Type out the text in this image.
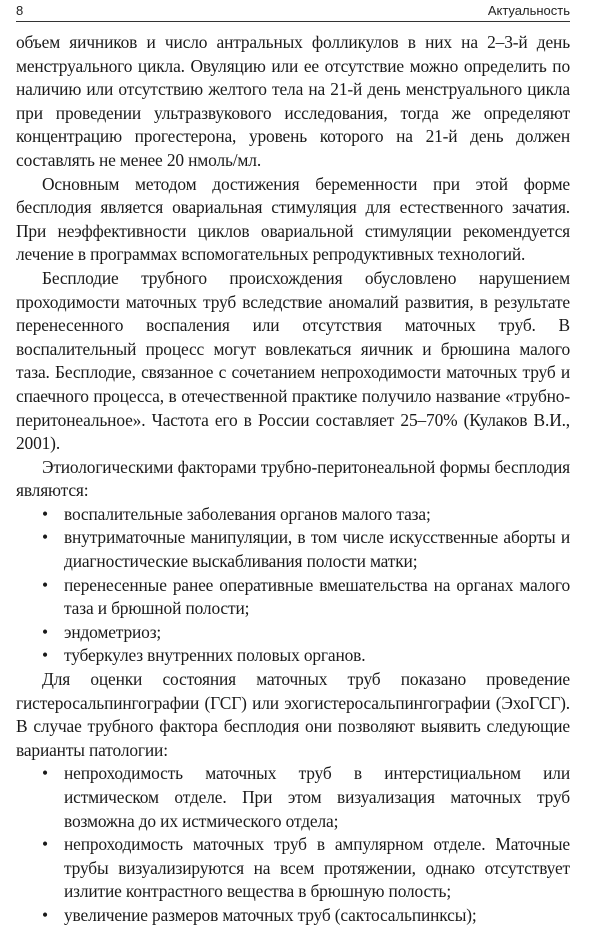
8	Актуальность

объем яичников и число антральных фолликулов в них на 2–3-й день менструального цикла. Овуляцию или ее отсутствие можно определить по наличию или отсутствию желтого тела на 21-й день менструального цикла при проведении ультразвукового исследования, тогда же определяют концентрацию прогестерона, уровень которого на 21-й день должен составлять не менее 20 нмоль/мл.

Основным методом достижения беременности при этой форме бесплодия является овариальная стимуляция для естественного зачатия. При неэффективности циклов овариальной стимуляции рекомендуется лечение в программах вспомогательных репродуктивных технологий.

Бесплодие трубного происхождения обусловлено нарушением проходимости маточных труб вследствие аномалий развития, в результате перенесенного воспаления или отсутствия маточных труб. В воспалительный процесс могут вовлекаться яичник и брюшина малого таза. Бесплодие, связанное с сочетанием непроходимости маточных труб и спаечного процесса, в отечественной практике получило название «трубно-перитонеальное». Частота его в России составляет 25–70% (Кулаков В.И., 2001).

Этиологическими факторами трубно-перитонеальной формы бесплодия являются:

• воспалительные заболевания органов малого таза;
• внутриматочные манипуляции, в том числе искусственные аборты и диагностические выскабливания полости матки;
• перенесенные ранее оперативные вмешательства на органах малого таза и брюшной полости;
• эндометриоз;
• туберкулез внутренних половых органов.

Для оценки состояния маточных труб показано проведение гистеросальпингографии (ГСГ) или эхогистеросальпингографии (ЭхоГСГ). В случае трубного фактора бесплодия они позволяют выявить следующие варианты патологии:

• непроходимость маточных труб в интерстициальном или истмическом отделе. При этом визуализация маточных труб возможна до их истмического отдела;
• непроходимость маточных труб в ампулярном отделе. Маточные трубы визуализируются на всем протяжении, однако отсутствует излитие контрастного вещества в брюшную полость;
• увеличение размеров маточных труб (сактосальпинксы);
